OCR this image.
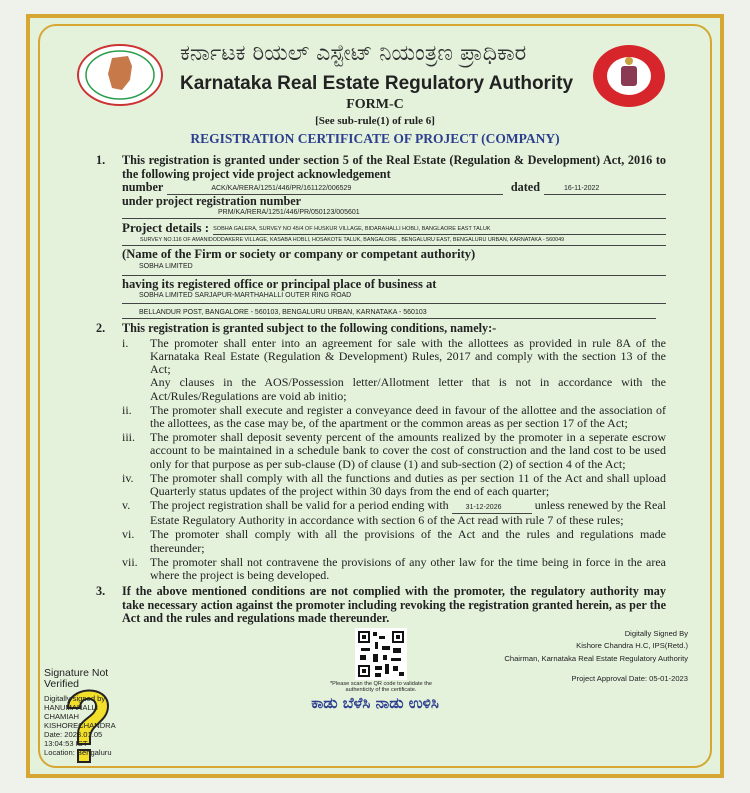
ಕರ್ನಾಟಕ ರಿಯಲ್ ಎಸ್ಟೇಟ್ ನಿಯಂತ್ರಣ ಪ್ರಾಧಿಕಾರ
Karnataka Real Estate Regulatory Authority
FORM-C
[See sub-rule(1) of rule 6]
REGISTRATION CERTIFICATE OF PROJECT (COMPANY)
1. This registration is granted under section 5 of the Real Estate (Regulation & Development) Act, 2016 to the following project vide project acknowledgement

number	ACK/KA/RERA/1251/446/PR/161122/006529	dated	16-11-2022
under project registration number
PRM/KA/RERA/1251/446/PR/050123/005601
Project details : SOBHA GALERA, SURVEY NO 45/4 OF HUSKUR VILLAGE, BIDARAHALLI HOBLI, BANGLAORE EAST TALUK
SURVEY NO.116 OF AMANIDODDAKERE VILLAGE, KASABA HOBLI, HOSAKOTE TALUK, BANGALORE , BENGALURU EAST, BENGALURU URBAN, KARNATAKA - 560049
(Name of the Firm or society or company or competant authority)
SOBHA LIMITED
having its registered office or principal place of business at
SOBHA LIMITED SARJAPUR-MARTHAHALLI OUTER RING ROAD
BELLANDUR POST, BANGALORE - 560103, BENGALURU URBAN, KARNATAKA - 560103
2. This registration is granted subject to the following conditions, namely:-
i. The promoter shall enter into an agreement for sale with the allottees as provided in rule 8A of the Karnataka Real Estate (Regulation & Development) Rules, 2017 and comply with the section 13 of the Act;

Any clauses in the AOS/Possession letter/Allotment letter that is not in accordance with the Act/Rules/Regulations are void ab initio;

ii. The promoter shall execute and register a conveyance deed in favour of the allottee and the association of the allottees, as the case may be, of the apartment or the common areas as per section 17 of the Act;

iii. The promoter shall deposit seventy percent of the amounts realized by the promoter in a seperate escrow account to be maintained in a schedule bank to cover the cost of construction and the land cost to be used only for that purpose as per sub-clause (D) of clause (1) and sub-section (2) of section 4 of the Act;

iv. The promoter shall comply with all the functions and duties as per section 11 of the Act and shall upload Quarterly status updates of the project within 30 days from the end of each quarter;

v. The project registration shall be valid for a period ending with 31-12-2026	unless renewed by the Real Estate Regulatory Authority in accordance with section 6 of the Act read with rule 7 of these rules;

vi. The promoter shall comply with all the provisions of the Act and the rules and regulations made thereunder;

vii. The promoter shall not contravene the provisions of any other law for the time being in force in the area where the project is being developed.

3. If the above mentioned conditions are not complied with the promoter, the regulatory authority may take necessary action against the promoter including revoking the registration granted herein, as per the Act and the rules and regulations made thereunder.

*Please scan the QR code to validate the authenticity of the certificate.
Digitally Signed By
Kishore Chandra H.C, IPS(Retd.)
Chairman, Karnataka Real Estate Regulatory Authority
Project Approval Date: 05-01-2023
ಕಾಡು ಬೆಳೆಸಿ ನಾಡು ಉಳಿಸಿ
Signature Not Verified
Digitally signed by
HANUMANALLI
CHAMIAH
KISHORECHANDRA
Date: 2023.01.05
13:04:53 IST
Location: Bengaluru
